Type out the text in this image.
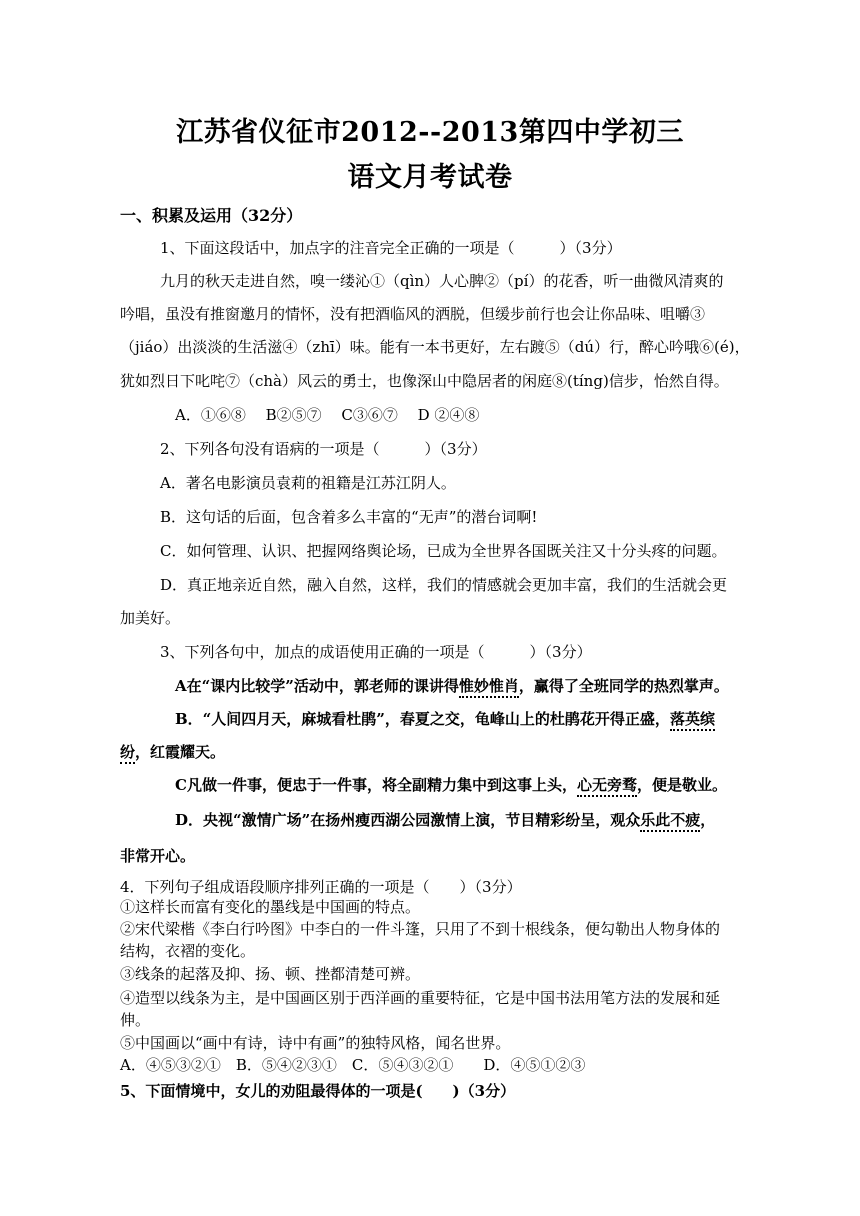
江苏省仪征市2012--2013第四中学初三
语文月考试卷
一、积累及运用（32分）
1、下面这段话中，加点字的注音完全正确的一项是（　　　）（3分）
九月的秋天走进自然，嗅一缕沁①（qìn）人心脾②（pí）的花香，听一曲微风清爽的
吟唱，虽没有推窗邀月的情怀，没有把酒临风的洒脱，但缓步前行也会让你品味、咀嚼③
（jiáo）出淡淡的生活滋④（zhī）味。能有一本书更好，左右踱⑤（dú）行，醉心吟哦⑥(é)，
犹如烈日下叱咤⑦（chà）风云的勇士，也像深山中隐居者的闲庭⑧(tíng)信步，怡然自得。
A．①⑥⑧　 B②⑤⑦　 C③⑥⑦　 D ②④⑧
2、下列各句没有语病的一项是（　　　）（3分）
A．著名电影演员袁莉的祖籍是江苏江阴人。
B．这句话的后面，包含着多么丰富的“无声”的潜台词啊!
C．如何管理、认识、把握网络舆论场，已成为全世界各国既关注又十分头疼的问题。
D．真正地亲近自然，融入自然，这样，我们的情感就会更加丰富，我们的生活就会更
加美好。
3、下列各句中，加点的成语使用正确的一项是（　　　）（3分）
A在“课内比较学”活动中，郭老师的课讲得惟妙惟肖，赢得了全班同学的热烈掌声。
B．“人间四月天，麻城看杜鹃”，春夏之交，龟峰山上的杜鹃花开得正盛，落英缤
纷，红霞耀天。
C凡做一件事，便忠于一件事，将全副精力集中到这事上头，心无旁骛，便是敬业。
D．央视“激情广场”在扬州瘦西湖公园激情上演，节目精彩纷呈，观众乐此不疲，
非常开心。
4．下列句子组成语段顺序排列正确的一项是（　　）（3分）
①这样长而富有变化的墨线是中国画的特点。
②宋代梁楷《李白行吟图》中李白的一件斗篷，只用了不到十根线条，便勾勒出人物身体的
结构，衣褶的变化。
③线条的起落及抑、扬、顿、挫都清楚可辨。
④造型以线条为主，是中国画区别于西洋画的重要特征，它是中国书法用笔方法的发展和延
伸。
⑤中国画以“画中有诗，诗中有画”的独特风格，闻名世界。
A．④⑤③②①　B．⑤④②③①　C．⑤④③②①　　D．④⑤①②③
5、下面情境中，女儿的劝阻最得体的一项是(　　)（3分）
